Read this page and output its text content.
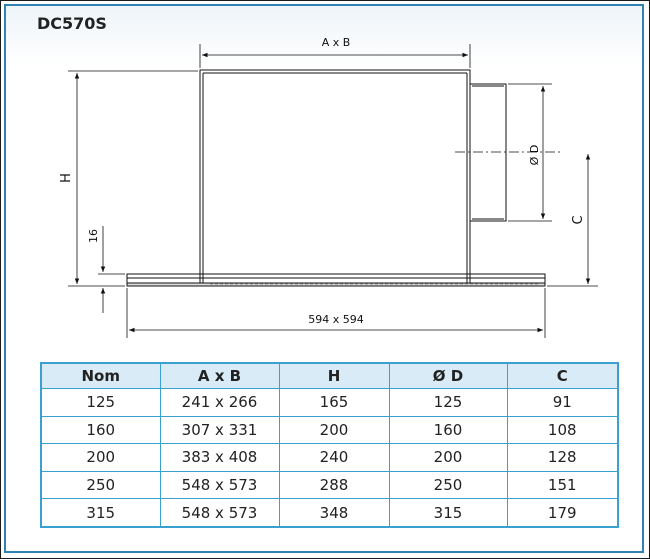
DC570S
A x B
H
16
Ø D
C
594 x 594
Nom	A x B	H	Ø D	C
125	241 x 266	165	125	91
160	307 x 331	200	160	108
200	383 x 408	240	200	128
250	548 x 573	288	250	151
315	548 x 573	348	315	179
